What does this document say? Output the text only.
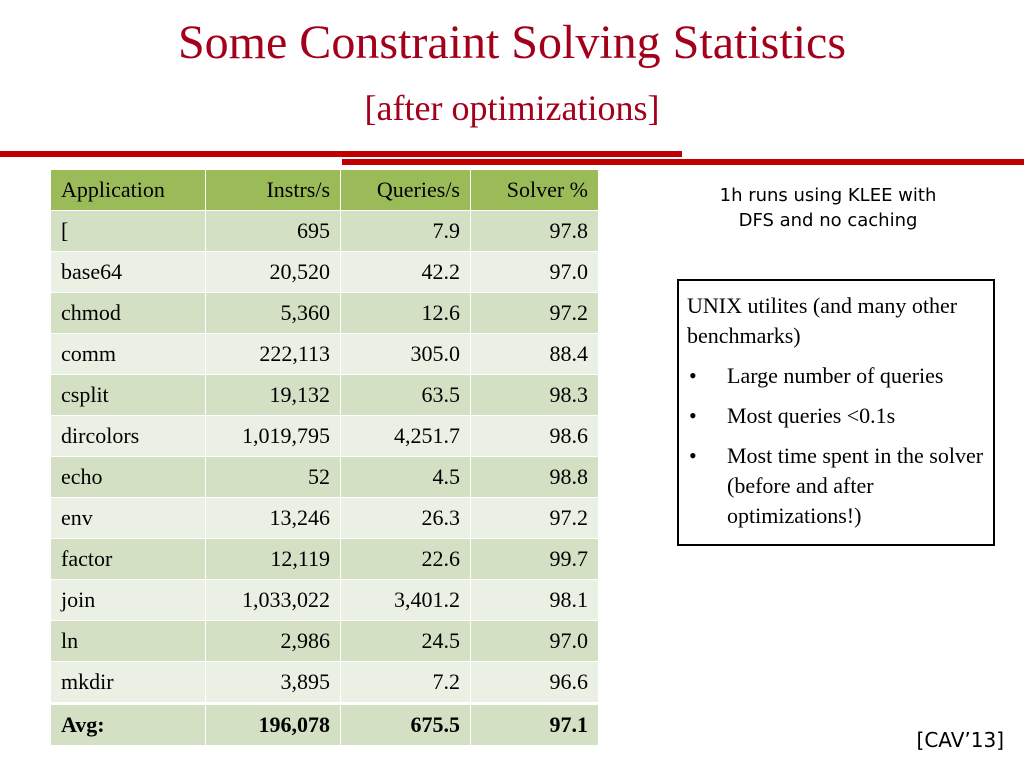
Some Constraint Solving Statistics
[after optimizations]
Application	Instrs/s	Queries/s	Solver %
[	695	7.9	97.8
base64	20,520	42.2	97.0
chmod	5,360	12.6	97.2
comm	222,113	305.0	88.4
csplit	19,132	63.5	98.3
dircolors	1,019,795	4,251.7	98.6
echo	52	4.5	98.8
env	13,246	26.3	97.2
factor	12,119	22.6	99.7
join	1,033,022	3,401.2	98.1
ln	2,986	24.5	97.0
mkdir	3,895	7.2	96.6
Avg:	196,078	675.5	97.1
1h runs using KLEE with
DFS and no caching
UNIX utilites (and many other benchmarks)
• Large number of queries
• Most queries <0.1s
• Most time spent in the solver (before and after optimizations!)
[CAV’13]
